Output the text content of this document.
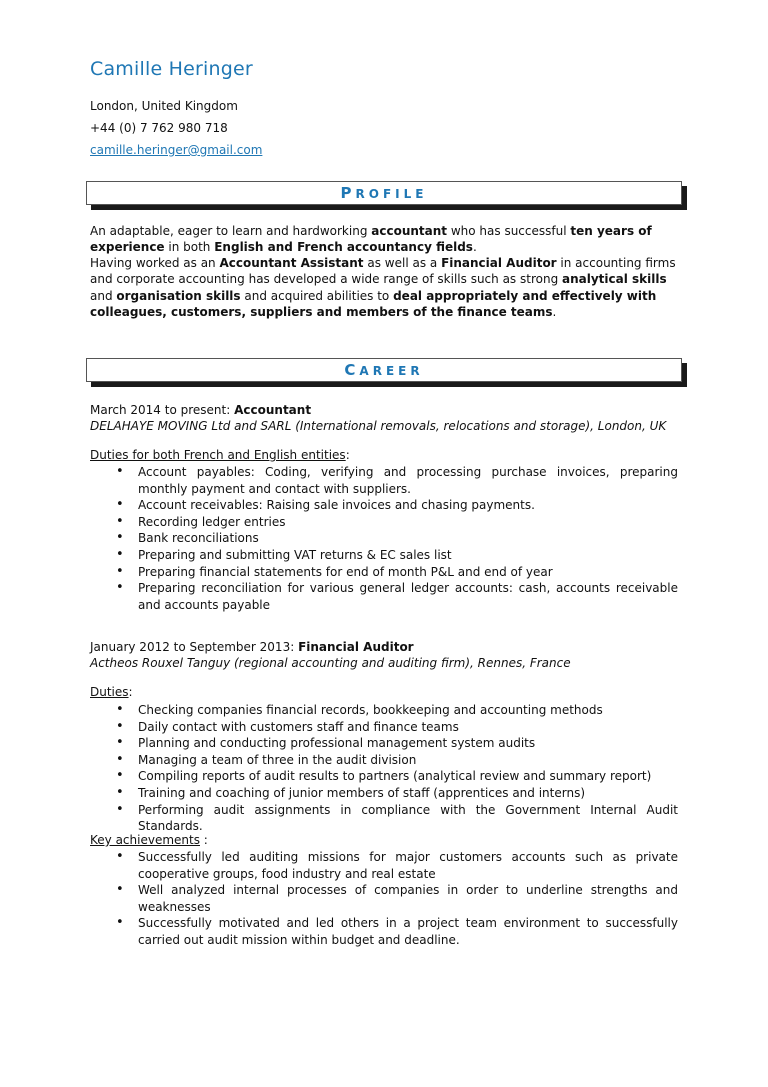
Camille Heringer
London, United Kingdom
+44 (0) 7 762 980 718
camille.heringer@gmail.com
PROFILE
An adaptable, eager to learn and hardworking accountant who has successful ten years of experience in both English and French accountancy fields.
Having worked as an Accountant Assistant as well as a Financial Auditor in accounting firms and corporate accounting has developed a wide range of skills such as strong analytical skills and organisation skills and acquired abilities to deal appropriately and effectively with colleagues, customers, suppliers and members of the finance teams.
CAREER
March 2014 to present: Accountant
DELAHAYE MOVING Ltd and SARL (International removals, relocations and storage), London, UK
Duties for both French and English entities:
• Account payables: Coding, verifying and processing purchase invoices, preparing monthly payment and contact with suppliers.
• Account receivables: Raising sale invoices and chasing payments.
• Recording ledger entries
• Bank reconciliations
• Preparing and submitting VAT returns & EC sales list
• Preparing financial statements for end of month P&L and end of year
• Preparing reconciliation for various general ledger accounts: cash, accounts receivable and accounts payable
January 2012 to September 2013: Financial Auditor
Actheos Rouxel Tanguy (regional accounting and auditing firm), Rennes, France
Duties:
• Checking companies financial records, bookkeeping and accounting methods
• Daily contact with customers staff and finance teams
• Planning and conducting professional management system audits
• Managing a team of three in the audit division
• Compiling reports of audit results to partners (analytical review and summary report)
• Training and coaching of junior members of staff (apprentices and interns)
• Performing audit assignments in compliance with the Government Internal Audit Standards.
Key achievements :
• Successfully led auditing missions for major customers accounts such as private cooperative groups, food industry and real estate
• Well analyzed internal processes of companies in order to underline strengths and weaknesses
• Successfully motivated and led others in a project team environment to successfully carried out audit mission within budget and deadline.
